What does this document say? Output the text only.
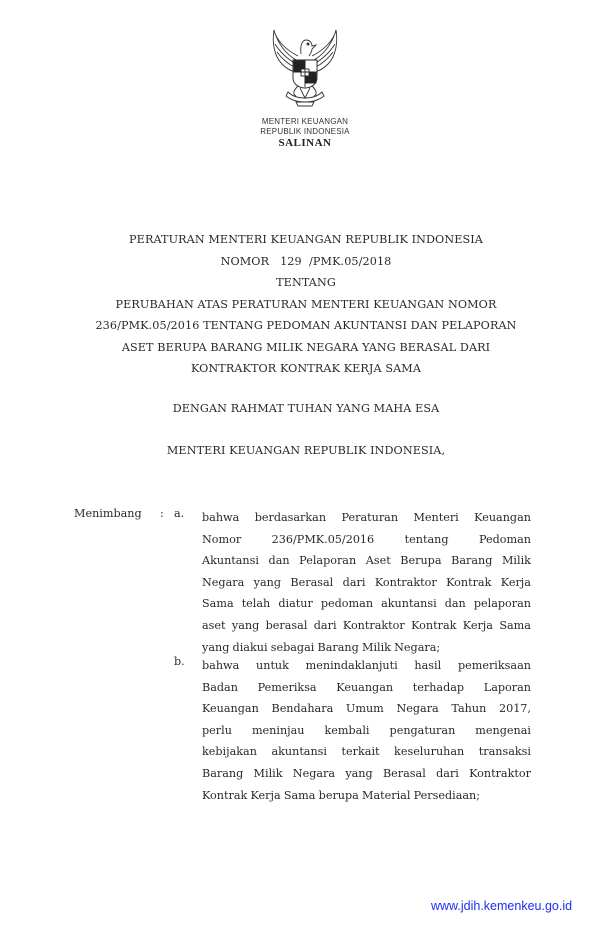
MENTERI KEUANGAN
REPUBLIK INDONESIA
SALINAN
PERATURAN MENTERI KEUANGAN REPUBLIK INDONESIA
NOMOR   129  /PMK.05/2018
TENTANG
PERUBAHAN ATAS PERATURAN MENTERI KEUANGAN NOMOR
236/PMK.05/2016 TENTANG PEDOMAN AKUNTANSI DAN PELAPORAN
ASET BERUPA BARANG MILIK NEGARA YANG BERASAL DARI
KONTRAKTOR KONTRAK KERJA SAMA
DENGAN RAHMAT TUHAN YANG MAHA ESA
MENTERI KEUANGAN REPUBLIK INDONESIA,
Menimbang : a. bahwa berdasarkan Peraturan Menteri Keuangan
Nomor	236/PMK.05/2016	tentang	Pedoman
Akuntansi dan Pelaporan Aset Berupa Barang Milik
Negara yang Berasal dari Kontraktor Kontrak Kerja
Sama telah diatur pedoman akuntansi dan pelaporan
aset yang berasal dari Kontraktor Kontrak Kerja Sama
yang diakui sebagai Barang Milik Negara;
b. bahwa untuk menindaklanjuti hasil pemeriksaan
Badan Pemeriksa Keuangan terhadap Laporan
Keuangan Bendahara Umum Negara Tahun 2017,
perlu meninjau kembali pengaturan mengenai
kebijakan akuntansi terkait keseluruhan transaksi
Barang Milik Negara yang Berasal dari Kontraktor
Kontrak Kerja Sama berupa Material Persediaan;
www.jdih.kemenkeu.go.id
